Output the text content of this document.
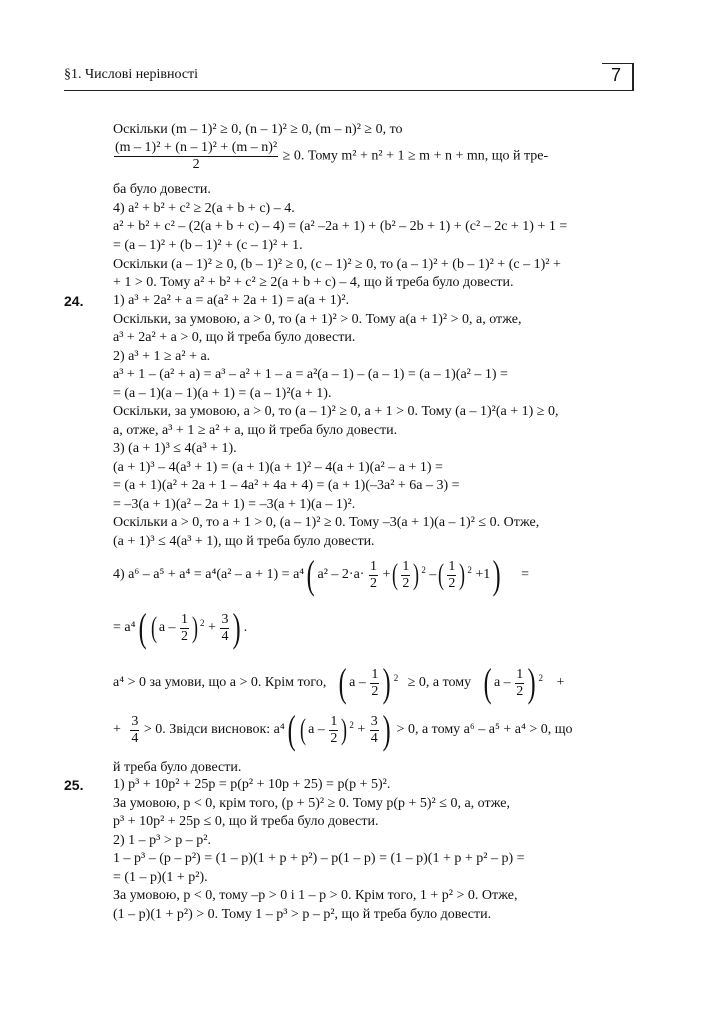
§1. Числові нерівності	7
Оскільки (m – 1)² ≥ 0, (n – 1)² ≥ 0, (m – n)² ≥ 0, то
$\frac{\text{(m – 1)² + (n – 1)² + (m – n)²}}{2} \ge 0$. Тому m² + n² + 1 ≥ m + n + mn, що й тре-
ба було довести.
4) a² + b² + c² ≥ 2(a + b + c) – 4.
a² + b² + c² – (2(a + b + c) – 4) = (a² –2a + 1) + (b² – 2b + 1) + (c² – 2c + 1) + 1 =
= (a – 1)² + (b – 1)² + (c – 1)² + 1.
Оскільки (a – 1)² ≥ 0, (b – 1)² ≥ 0, (c – 1)² ≥ 0, то (a – 1)² + (b – 1)² + (c – 1)² +
+ 1 > 0. Тому a² + b² + c² ≥ 2(a + b + c) – 4, що й треба було довести.
24. 1) a³ + 2a² + a = a(a² + 2a + 1) = a(a + 1)².
Оскільки, за умовою, a > 0, то (a + 1)² > 0. Тому a(a + 1)² > 0, а, отже,
a³ + 2a² + a > 0, що й треба було довести.
2) a³ + 1 ≥ a² + a.
a³ + 1 – (a² + a) = a³ – a² + 1 – a = a²(a – 1) – (a – 1) = (a – 1)(a² – 1) =
= (a – 1)(a – 1)(a + 1) = (a – 1)²(a + 1).
Оскільки, за умовою, a > 0, то (a – 1)² ≥ 0, a + 1 > 0. Тому (a – 1)²(a + 1) ≥ 0,
а, отже, a³ + 1 ≥ a² + a, що й треба було довести.
3) (a + 1)³ ≤ 4(a³ + 1).
(a + 1)³ – 4(a³ + 1) = (a + 1)(a + 1)² – 4(a + 1)(a² – a + 1) =
= (a + 1)(a² + 2a + 1 – 4a² + 4a + 4) = (a + 1)(–3a² + 6a – 3) =
= –3(a + 1)(a² – 2a + 1) = –3(a + 1)(a – 1)².
Оскільки a > 0, то a + 1 > 0, (a – 1)² ≥ 0. Тому –3(a + 1)(a – 1)² ≤ 0. Отже,
(a + 1)³ ≤ 4(a³ + 1), що й треба було довести.
4) a⁶ – a⁵ + a⁴ = a⁴(a² – a + 1) = a⁴( $a^2 - 2\cdot a\cdot \frac{1}{2}$ +( $\frac{1}{2}$ ) $^2$ –( $\frac{1}{2}$ ) $^2$ +1) =
= a⁴( ( a – $\frac{1}{2}$ ) $^2 + \frac{3}{4}$ ) .
a⁴ > 0 за умови, що a > 0. Крім того, ( a – $\frac{1}{2}$ ) $^2$ ≥ 0, а тому ( a – $\frac{1}{2}$ ) $^2$ +
+ $\frac{3}{4} > 0$. Звідси висновок: a⁴( ( a – $\frac{1}{2}$ ) $^2 + \frac{3}{4}$ ) > 0, а тому a⁶ – a⁵ + a⁴ > 0, що
й треба було довести.
25. 1) p³ + 10p² + 25p = p(p² + 10p + 25) = p(p + 5)².
За умовою, p < 0, крім того, (p + 5)² ≥ 0. Тому p(p + 5)² ≤ 0, а, отже,
p³ + 10p² + 25p ≤ 0, що й треба було довести.
2) 1 – p³ > p – p².
1 – p³ – (p – p²) = (1 – p)(1 + p + p²) – p(1 – p) = (1 – p)(1 + p + p² – p) =
= (1 – p)(1 + p²).
За умовою, p < 0, тому –p > 0 і 1 – p > 0. Крім того, 1 + p² > 0. Отже,
(1 – p)(1 + p²) > 0. Тому 1 – p³ > p – p², що й треба було довести.
